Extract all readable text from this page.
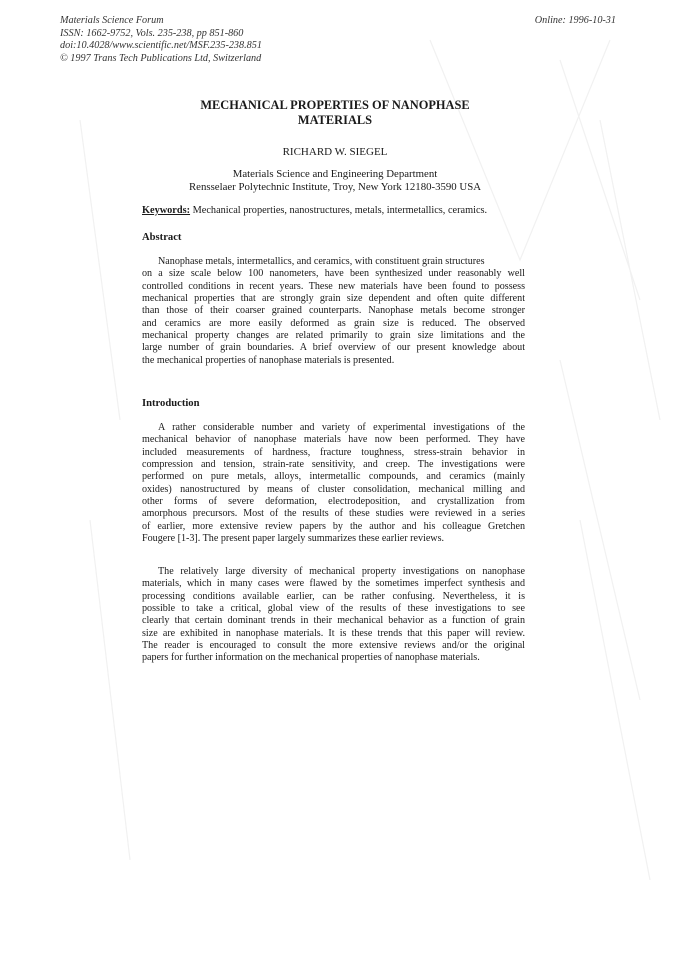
Materials Science Forum
ISSN: 1662-9752, Vols. 235-238, pp 851-860
doi:10.4028/www.scientific.net/MSF.235-238.851
© 1997 Trans Tech Publications Ltd, Switzerland
Online: 1996-10-31
MECHANICAL PROPERTIES OF NANOPHASE
MATERIALS
RICHARD W. SIEGEL
Materials Science and Engineering Department
Rensselaer Polytechnic Institute, Troy, New York 12180-3590 USA
Keywords: Mechanical properties, nanostructures, metals, intermetallics, ceramics.
Abstract
Nanophase metals, intermetallics, and ceramics, with constituent grain structures
on a size scale below 100 nanometers, have been synthesized under reasonably well
controlled conditions in recent years. These new materials have been found to possess
mechanical properties that are strongly grain size dependent and often quite different
than those of their coarser grained counterparts. Nanophase metals become stronger
and ceramics are more easily deformed as grain size is reduced. The observed
mechanical property changes are related primarily to grain size limitations and the
large number of grain boundaries. A brief overview of our present knowledge about
the mechanical properties of nanophase materials is presented.
Introduction
A rather considerable number and variety of experimental investigations of the
mechanical behavior of nanophase materials have now been performed. They have
included measurements of hardness, fracture toughness, stress-strain behavior in
compression and tension, strain-rate sensitivity, and creep. The investigations were
performed on pure metals, alloys, intermetallic compounds, and ceramics (mainly
oxides) nanostructured by means of cluster consolidation, mechanical milling and
other forms of severe deformation, electrodeposition, and crystallization from
amorphous precursors. Most of the results of these studies were reviewed in a series
of earlier, more extensive review papers by the author and his colleague Gretchen
Fougere [1-3]. The present paper largely summarizes these earlier reviews.
The relatively large diversity of mechanical property investigations on nanophase
materials, which in many cases were flawed by the sometimes imperfect synthesis and
processing conditions available earlier, can be rather confusing. Nevertheless, it is
possible to take a critical, global view of the results of these investigations to see
clearly that certain dominant trends in their mechanical behavior as a function of grain
size are exhibited in nanophase materials. It is these trends that this paper will review.
The reader is encouraged to consult the more extensive reviews and/or the original
papers for further information on the mechanical properties of nanophase materials.
